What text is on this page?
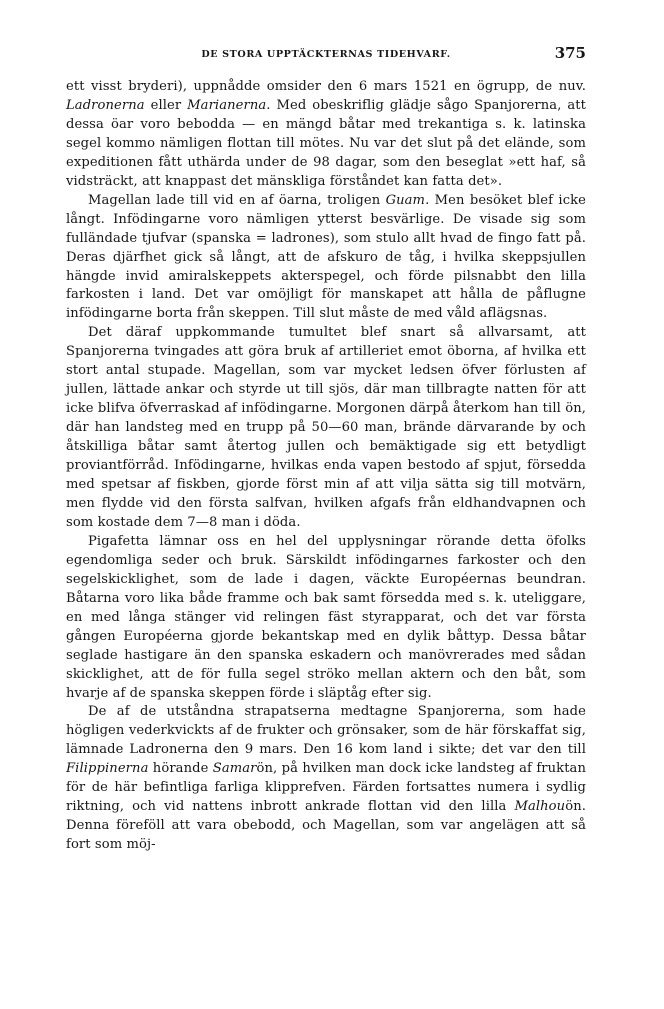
DE STORA UPPTÄCKTERNAS TIDEHVARF.	375

ett visst bryderi), uppnådde omsider den 6 mars 1521 en ögrupp, de nuv. Ladronerna eller Marianerna. Med obeskriflig glädje sågo Spanjorerna, att dessa öar voro bebodda — en mängd båtar med trekantiga s. k. latinska segel kommo nämligen flottan till mötes. Nu var det slut på det elände, som expeditionen fått uthärda under de 98 dagar, som den beseglat »ett haf, så vidsträckt, att knappast det mänskliga förståndet kan fatta det».

Magellan lade till vid en af öarna, troligen Guam. Men besöket blef icke långt. Infödingarne voro nämligen ytterst besvärlige. De visade sig som fulländade tjufvar (spanska = ladrones), som stulo allt hvad de fingo fatt på. Deras djärfhet gick så långt, att de afskuro de tåg, i hvilka skeppsjullen hängde invid amiralskeppets akterspegel, och förde pilsnabbt den lilla farkosten i land. Det var omöjligt för manskapet att hålla de påflugne infödingarne borta från skeppen. Till slut måste de med våld aflägsnas.

Det däraf uppkommande tumultet blef snart så allvarsamt, att Spanjorerna tvingades att göra bruk af artilleriet emot öborna, af hvilka ett stort antal stupade. Magellan, som var mycket ledsen öfver förlusten af jullen, lättade ankar och styrde ut till sjös, där man tillbragte natten för att icke blifva öfverraskad af infödingarne. Morgonen därpå återkom han till ön, där han landsteg med en trupp på 50—60 man, brände därvarande by och åtskilliga båtar samt återtog jullen och bemäktigade sig ett betydligt proviantförråd. Infödingarne, hvilkas enda vapen bestodo af spjut, försedda med spetsar af fiskben, gjorde först min af att vilja sätta sig till motvärn, men flydde vid den första salfvan, hvilken afgafs från eldhandvapnen och som kostade dem 7—8 man i döda.

Pigafetta lämnar oss en hel del upplysningar rörande detta öfolks egendomliga seder och bruk. Särskildt infödingarnes farkoster och den segelskicklighet, som de lade i dagen, väckte Européernas beundran. Båtarna voro lika både framme och bak samt försedda med s. k. uteliggare, en med långa stänger vid relingen fäst styrapparat, och det var första gången Européerna gjorde bekantskap med en dylik båttyp. Dessa båtar seglade hastigare än den spanska eskadern och manövrerades med sådan skicklighet, att de för fulla segel ströko mellan aktern och den båt, som hvarje af de spanska skeppen förde i släptåg efter sig.

De af de utståndna strapatserna medtagne Spanjorerna, som hade högligen vederkvickts af de frukter och grönsaker, som de här förskaffat sig, lämnade Ladronerna den 9 mars. Den 16 kom land i sikte; det var den till Filippinerna hörande Samarön, på hvilken man dock icke landsteg af fruktan för de här befintliga farliga klipprefven. Färden fortsattes numera i sydlig riktning, och vid nattens inbrott ankrade flottan vid den lilla Malhouön. Denna föreföll att vara obebodd, och Magellan, som var angelägen att så fort som möj-
